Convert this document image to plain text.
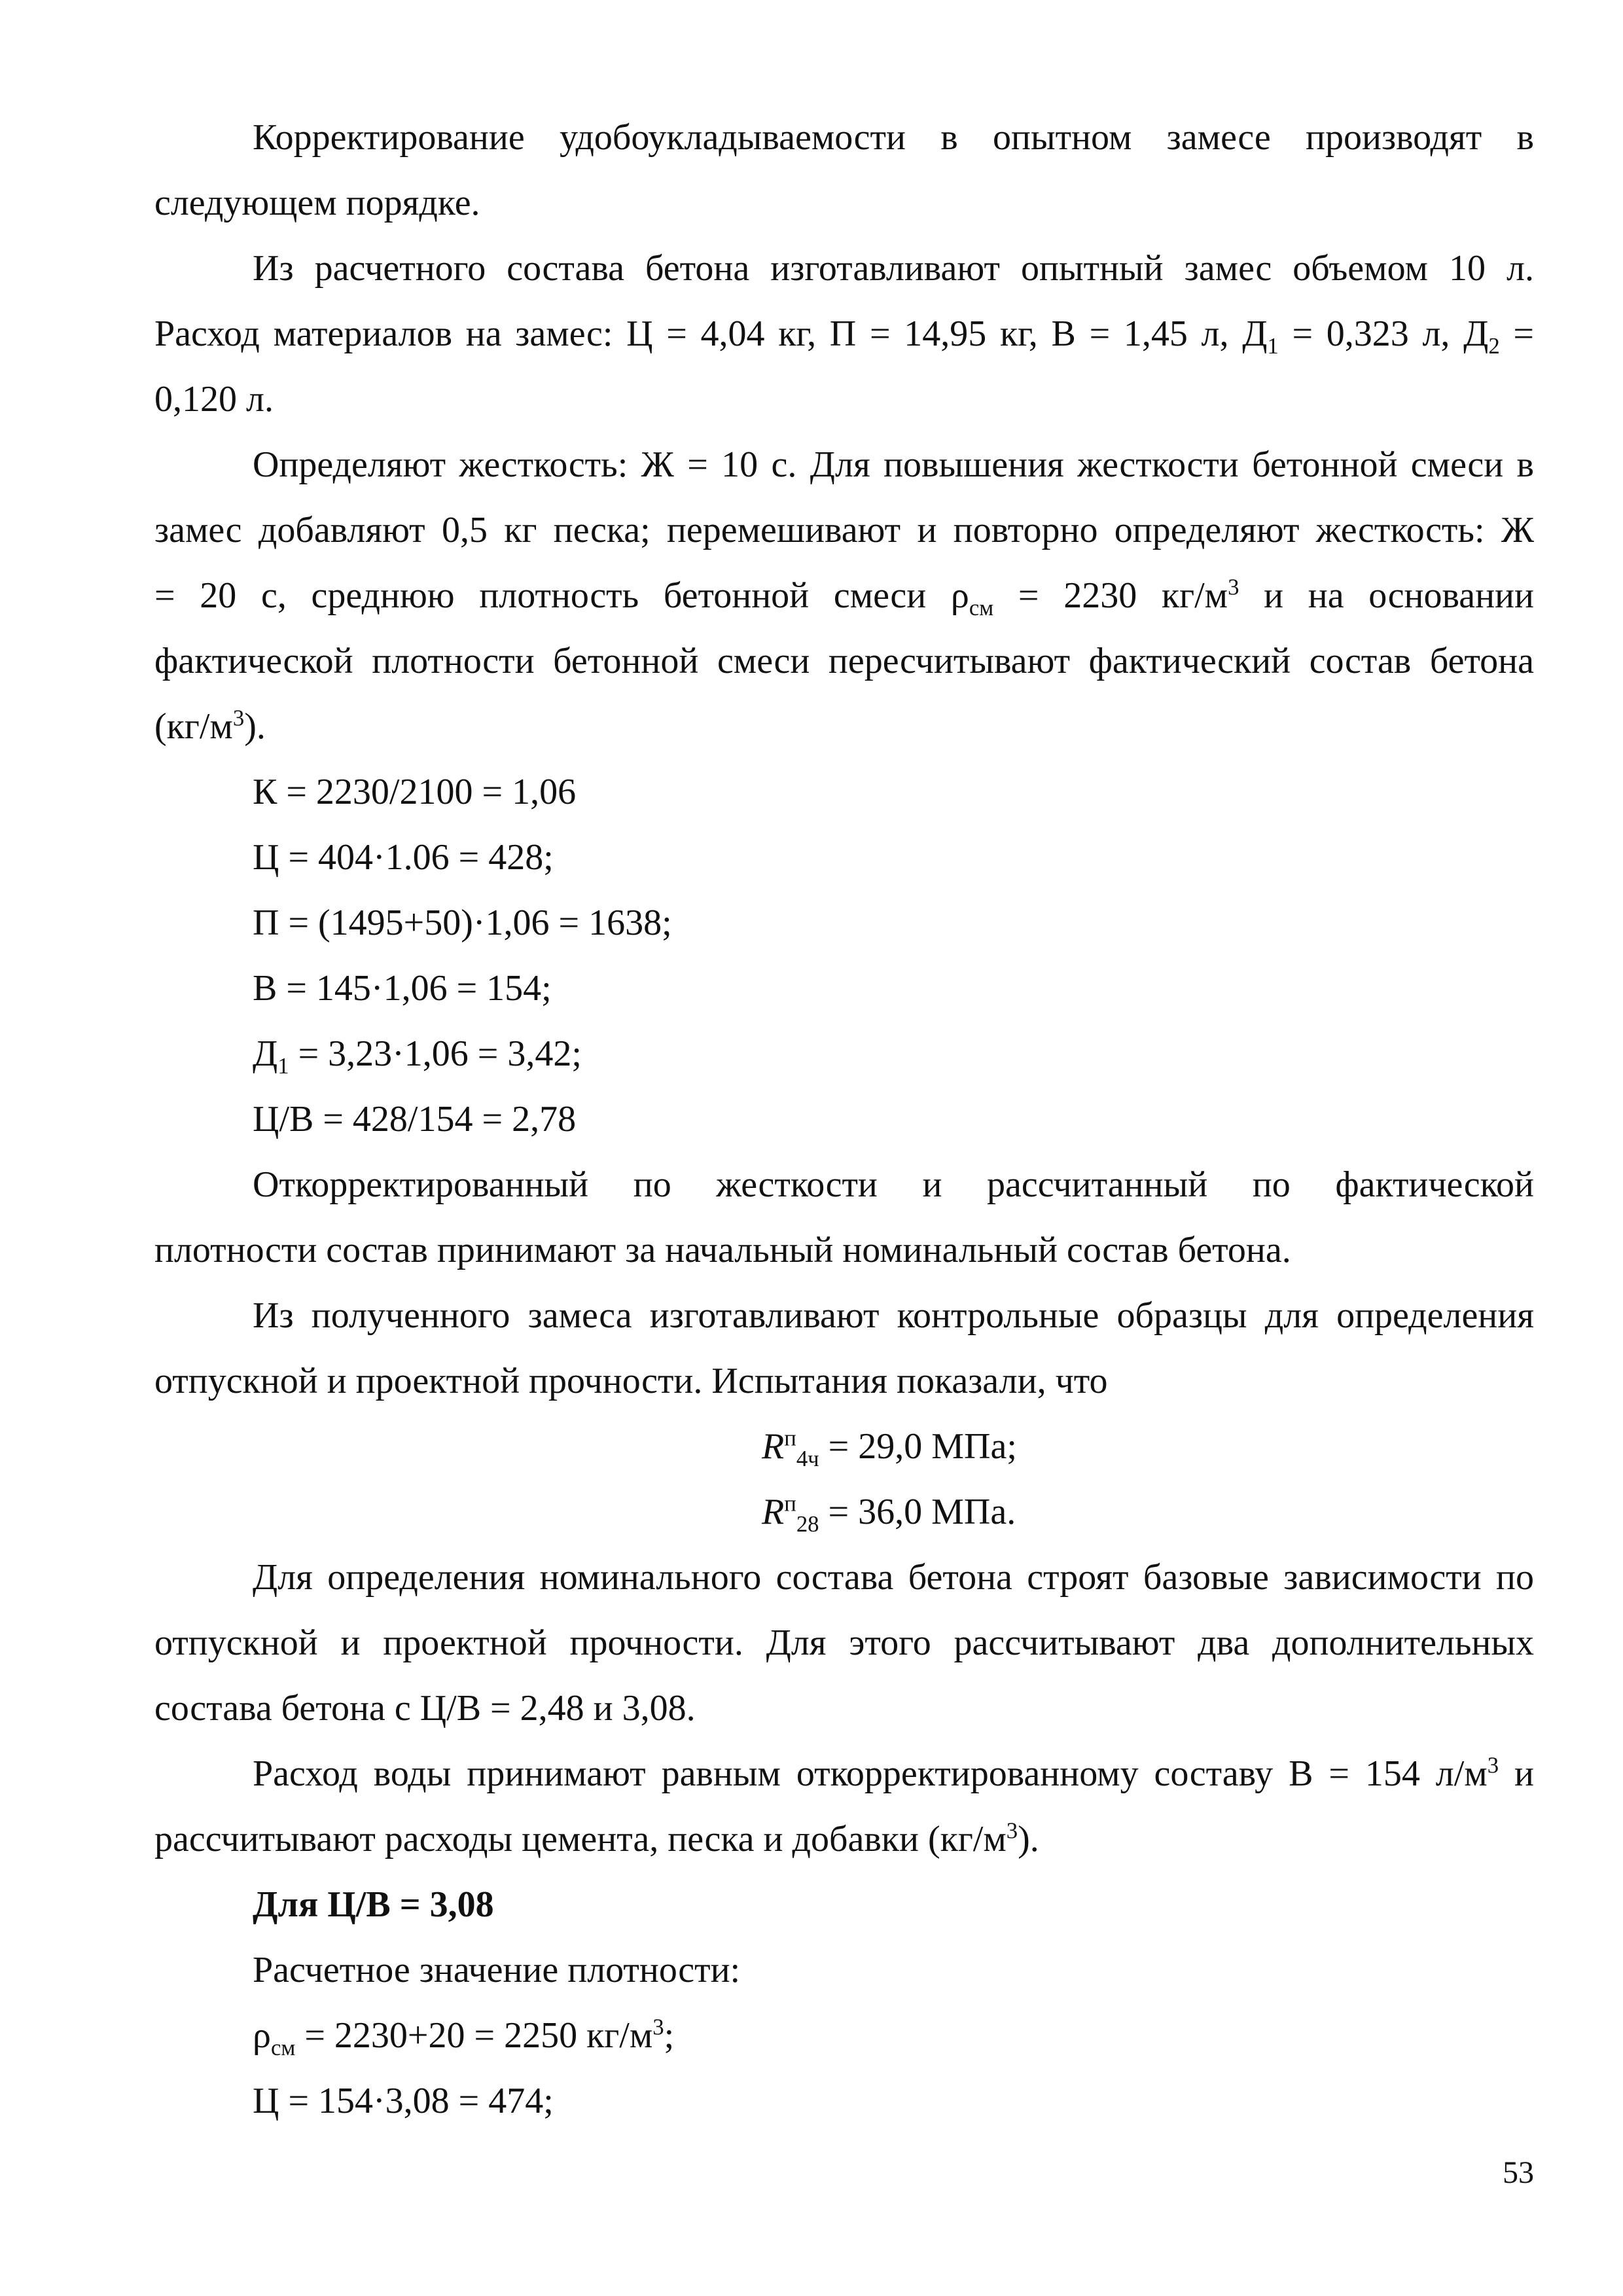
Корректирование удобоукладываемости в опытном замесе производят в
следующем порядке.
Из расчетного состава бетона изготавливают опытный замес объемом 10 л.
Расход материалов на замес: Ц = 4,04 кг, П = 14,95 кг, В = 1,45 л, $Д_1 = 0,323$ л, $Д_2$ =
0,120 л.
Определяют жесткость: Ж = 10 с. Для повышения жесткости бетонной смеси в
замес добавляют 0,5 кг песка; перемешивают и повторно определяют жесткость: Ж
= 20 с, среднюю плотность бетонной смеси $\rho_{см} = 2230$ $кг/м^3$ и на основании
фактической плотности бетонной смеси пересчитывают фактический состав бетона
$(кг/м^3)$.
К = 2230/2100 = 1,06
Ц = 404·1.06 = 428;
П = (1495+50)·1,06 = 1638;
В = 145·1,06 = 154;
$Д_1 = 3,23\cdot 1,06 = 3,42$;
Ц/В = 428/154 = 2,78
Откорректированный по жесткости и рассчитанный по фактической
плотности состав принимают за начальный номинальный состав бетона.
Из полученного замеса изготавливают контрольные образцы для определения
отпускной и проектной прочности. Испытания показали, что
$R^п_{4ч} = 29,0$ МПа;
$R^п_{28} = 36,0$ МПа.
Для определения номинального состава бетона строят базовые зависимости по
отпускной и проектной прочности. Для этого рассчитывают два дополнительных
состава бетона с Ц/В = 2,48 и 3,08.
Расход воды принимают равным откорректированному составу В = 154 $л/м^3$ и
рассчитывают расходы цемента, песка и добавки $(кг/м^3)$.
Для Ц/В = 3,08
Расчетное значение плотности:
$\rho_{см} = 2230+20 = 2250$ $кг/м^3$;
Ц = 154·3,08 = 474;
53
